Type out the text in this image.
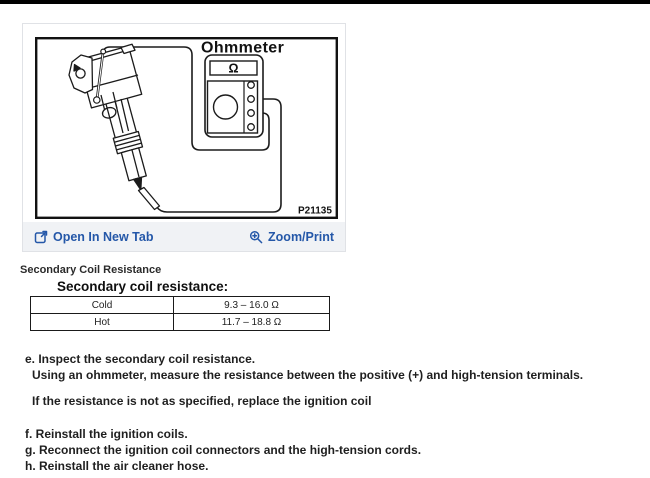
Ohmmeter
Ω
P21135
Open In New Tab	Zoom/Print
Secondary Coil Resistance
Secondary coil resistance:
Cold	9.3 – 16.0 Ω
Hot	11.7 – 18.8 Ω
e. Inspect the secondary coil resistance.
Using an ohmmeter, measure the resistance between the positive (+) and high-tension terminals.
If the resistance is not as specified, replace the ignition coil
f. Reinstall the ignition coils.
g. Reconnect the ignition coil connectors and the high-tension cords.
h. Reinstall the air cleaner hose.
